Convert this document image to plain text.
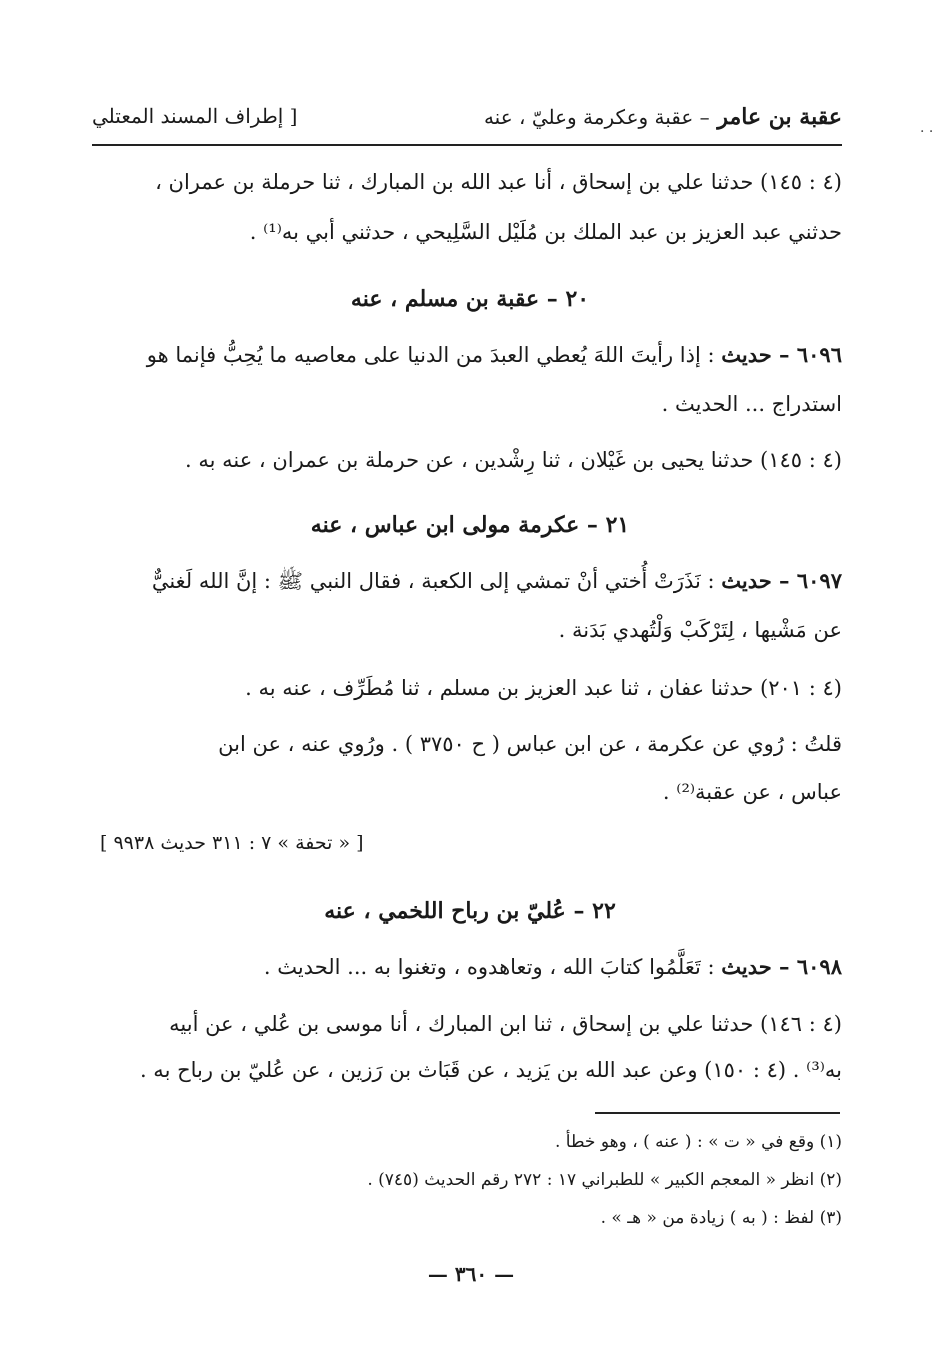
· ·
عقبة بن عامر – عقبة وعكرمة وعليّ ، عنه
[ إطراف المسند المعتلي
(٤ : ١٤٥) حدثنا علي بن إسحاق ، أنا عبد الله بن المبارك ، ثنا حرملة بن عمران ،
حدثني عبد العزيز بن عبد الملك بن مُلَيْل السَّلِيحي ، حدثني أبي به⁽¹⁾ .
٢٠ – عقبة بن مسلم ، عنه
٦٠٩٦ – حديث : إذا رأيتَ اللهَ يُعطي العبدَ من الدنيا على معاصيه ما يُحِبُّ فإنما هو
استدراج ... الحديث .
(٤ : ١٤٥) حدثنا يحيى بن غَيْلان ، ثنا رِشْدين ، عن حرملة بن عمران ، عنه به .
٢١ – عكرمة مولى ابن عباس ، عنه
٦٠٩٧ – حديث : نَذَرَتْ أُختي أنْ تمشي إلى الكعبة ، فقال النبي ﷺ : إنَّ الله لَغنيٌّ
عن مَشْيها ، لِتَرْكَبْ وَلْتُهدي بَدَنة .
(٤ : ٢٠١) حدثنا عفان ، ثنا عبد العزيز بن مسلم ، ثنا مُطَرِّف ، عنه به .
قلتُ : رُوي عن عكرمة ، عن ابن عباس ( ح ٣٧٥٠ ) . ورُوي عنه ، عن ابن
عباس ، عن عقبة⁽²⁾ .
[ « تحفة » ٧ : ٣١١ حديث ٩٩٣٨ ]
٢٢ – عُليّ بن رباح اللخمي ، عنه
٦٠٩٨ – حديث : تَعَلَّمُوا كتابَ الله ، وتعاهدوه ، وتغنوا به ... الحديث .
(٤ : ١٤٦) حدثنا علي بن إسحاق ، ثنا ابن المبارك ، أنا موسى بن عُلي ، عن أبيه
به⁽³⁾ . (٤ : ١٥٠) وعن عبد الله بن يَزيد ، عن قَبَاث بن رَزين ، عن عُليّ بن رباح به .
(١) وقع في « ت » : ( عنه ) ، وهو خطأ .
(٢) انظر « المعجم الكبير » للطبراني ١٧ : ٢٧٢ رقم الحديث (٧٤٥) .
(٣) لفظ : ( به ) زيادة من « هـ » .
— ٣٦٠ —
